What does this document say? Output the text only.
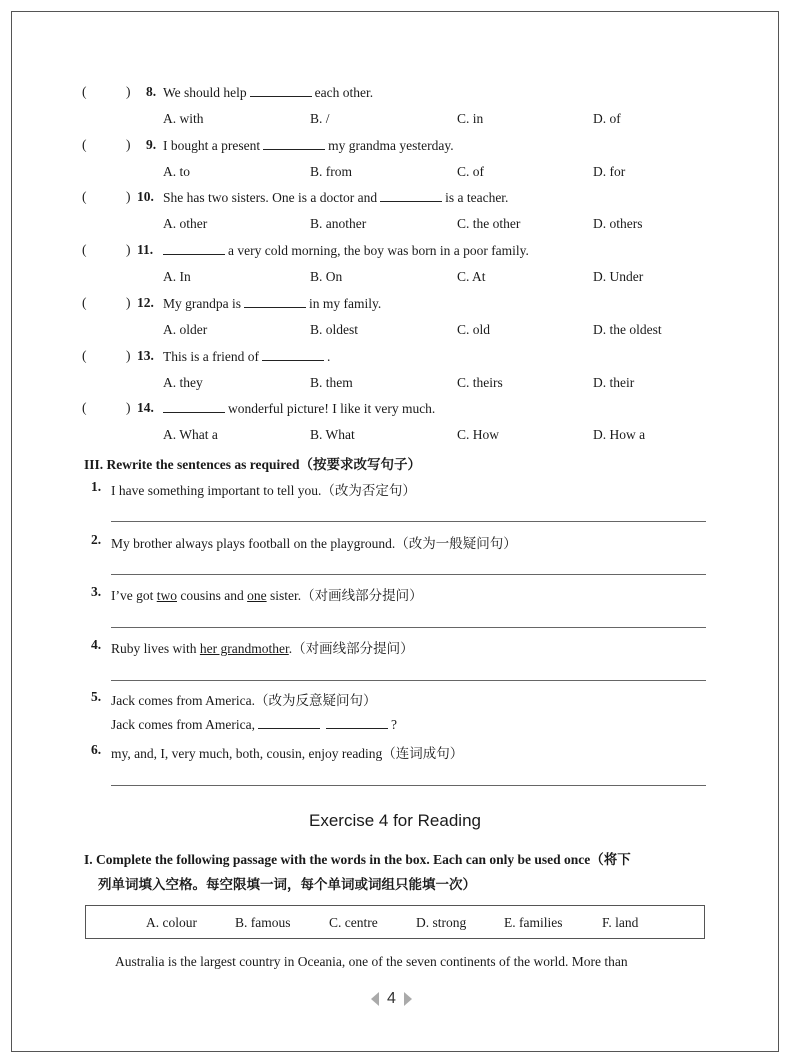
(	) 8. We should help	each other.
A. with	B. /	C. in	D. of
(	) 9. I bought a present	my grandma yesterday.
A. to	B. from	C. of	D. for
(	) 10. She has two sisters. One is a doctor and	is a teacher.
A. other	B. another	C. the other	D. others
(	) 11.	a very cold morning, the boy was born in a poor family.
A. In	B. On	C. At	D. Under
(	) 12. My grandpa is	in my family.
A. older	B. oldest	C. old	D. the oldest
(	) 13. This is a friend of	.
A. they	B. them	C. theirs	D. their
(	) 14.	wonderful picture! I like it very much.
A. What a	B. What	C. How	D. How a
III. Rewrite the sentences as required（按要求改写句子）
1. I have something important to tell you.（改为否定句）
2. My brother always plays football on the playground.（改为一般疑问句）
3. I’ve got two cousins and one sister.（对画线部分提问）
4. Ruby lives with her grandmother.（对画线部分提问）
5. Jack comes from America.（改为反意疑问句）
Jack comes from America,	?
6. my, and, I, very much, both, cousin, enjoy reading（连词成句）
Exercise 4 for Reading
I. Complete the following passage with the words in the box. Each can only be used once（将下
列单词填入空格。每空限填一词，每个单词或词组只能填一次）
A. colour	B. famous	C. centre	D. strong	E. families	F. land
Australia is the largest country in Oceania, one of the seven continents of the world. More than
4
